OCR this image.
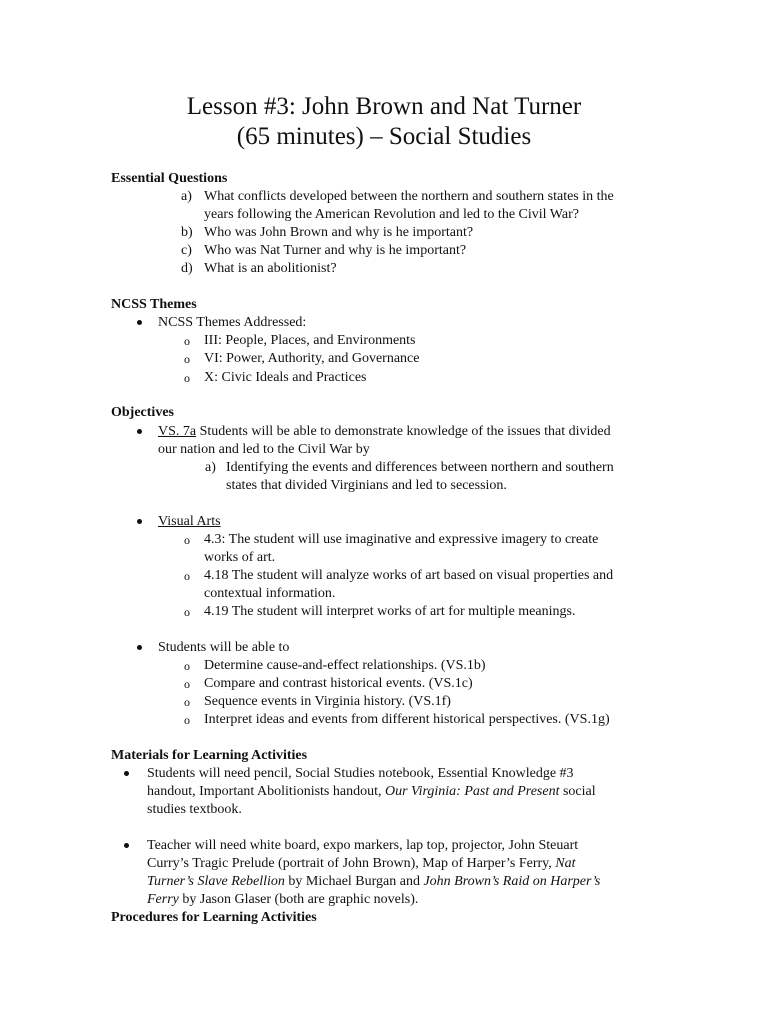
Lesson #3: John Brown and Nat Turner
(65 minutes) – Social Studies
Essential Questions
a) What conflicts developed between the northern and southern states in the
years following the American Revolution and led to the Civil War?
b) Who was John Brown and why is he important?
c) Who was Nat Turner and why is he important?
d) What is an abolitionist?
NCSS Themes
NCSS Themes Addressed:
o III: People, Places, and Environments
o VI: Power, Authority, and Governance
o X: Civic Ideals and Practices
Objectives
VS. 7a Students will be able to demonstrate knowledge of the issues that divided
our nation and led to the Civil War by
a) Identifying the events and differences between northern and southern
states that divided Virginians and led to secession.
Visual Arts
o 4.3: The student will use imaginative and expressive imagery to create
works of art.
o 4.18 The student will analyze works of art based on visual properties and
contextual information.
o 4.19 The student will interpret works of art for multiple meanings.
Students will be able to
o Determine cause-and-effect relationships. (VS.1b)
o Compare and contrast historical events. (VS.1c)
o Sequence events in Virginia history. (VS.1f)
o Interpret ideas and events from different historical perspectives. (VS.1g)
Materials for Learning Activities
Students will need pencil, Social Studies notebook, Essential Knowledge #3
handout, Important Abolitionists handout, Our Virginia: Past and Present social
studies textbook.
Teacher will need white board, expo markers, lap top, projector, John Steuart
Curry’s Tragic Prelude (portrait of John Brown), Map of Harper’s Ferry, Nat
Turner’s Slave Rebellion by Michael Burgan and John Brown’s Raid on Harper’s
Ferry by Jason Glaser (both are graphic novels).
Procedures for Learning Activities
